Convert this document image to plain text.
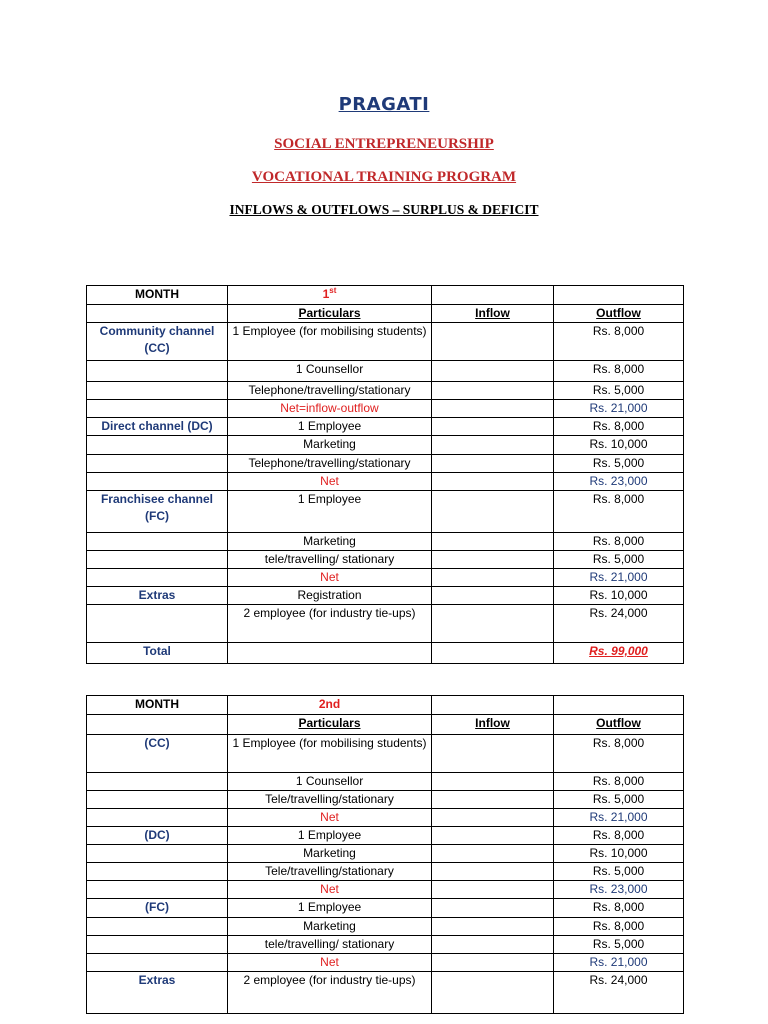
PRAGATI
SOCIAL ENTREPRENEURSHIP
VOCATIONAL TRAINING PROGRAM
INFLOWS & OUTFLOWS – SURPLUS & DEFICIT
MONTH	1st		
	Particulars	Inflow	Outflow
Community channel (CC)	1 Employee (for mobilising students)		Rs. 8,000
	1 Counsellor		Rs. 8,000
	Telephone/travelling/stationary		Rs. 5,000
	Net=inflow-outflow		Rs. 21,000
Direct channel (DC)	1 Employee		Rs. 8,000
	Marketing		Rs. 10,000
	Telephone/travelling/stationary		Rs. 5,000
	Net		Rs. 23,000
Franchisee channel (FC)	1 Employee		Rs. 8,000
	Marketing		Rs. 8,000
	tele/travelling/ stationary		Rs. 5,000
	Net		Rs. 21,000
Extras	Registration		Rs. 10,000
	2 employee (for industry tie-ups)		Rs. 24,000
Total			Rs. 99,000
MONTH	2nd		
	Particulars	Inflow	Outflow
(CC)	1 Employee (for mobilising students)		Rs. 8,000
	1 Counsellor		Rs. 8,000
	Tele/travelling/stationary		Rs. 5,000
	Net		Rs. 21,000
(DC)	1 Employee		Rs. 8,000
	Marketing		Rs. 10,000
	Tele/travelling/stationary		Rs. 5,000
	Net		Rs. 23,000
(FC)	1 Employee		Rs. 8,000
	Marketing		Rs. 8,000
	tele/travelling/ stationary		Rs. 5,000
	Net		Rs. 21,000
Extras	2 employee (for industry tie-ups)		Rs. 24,000
